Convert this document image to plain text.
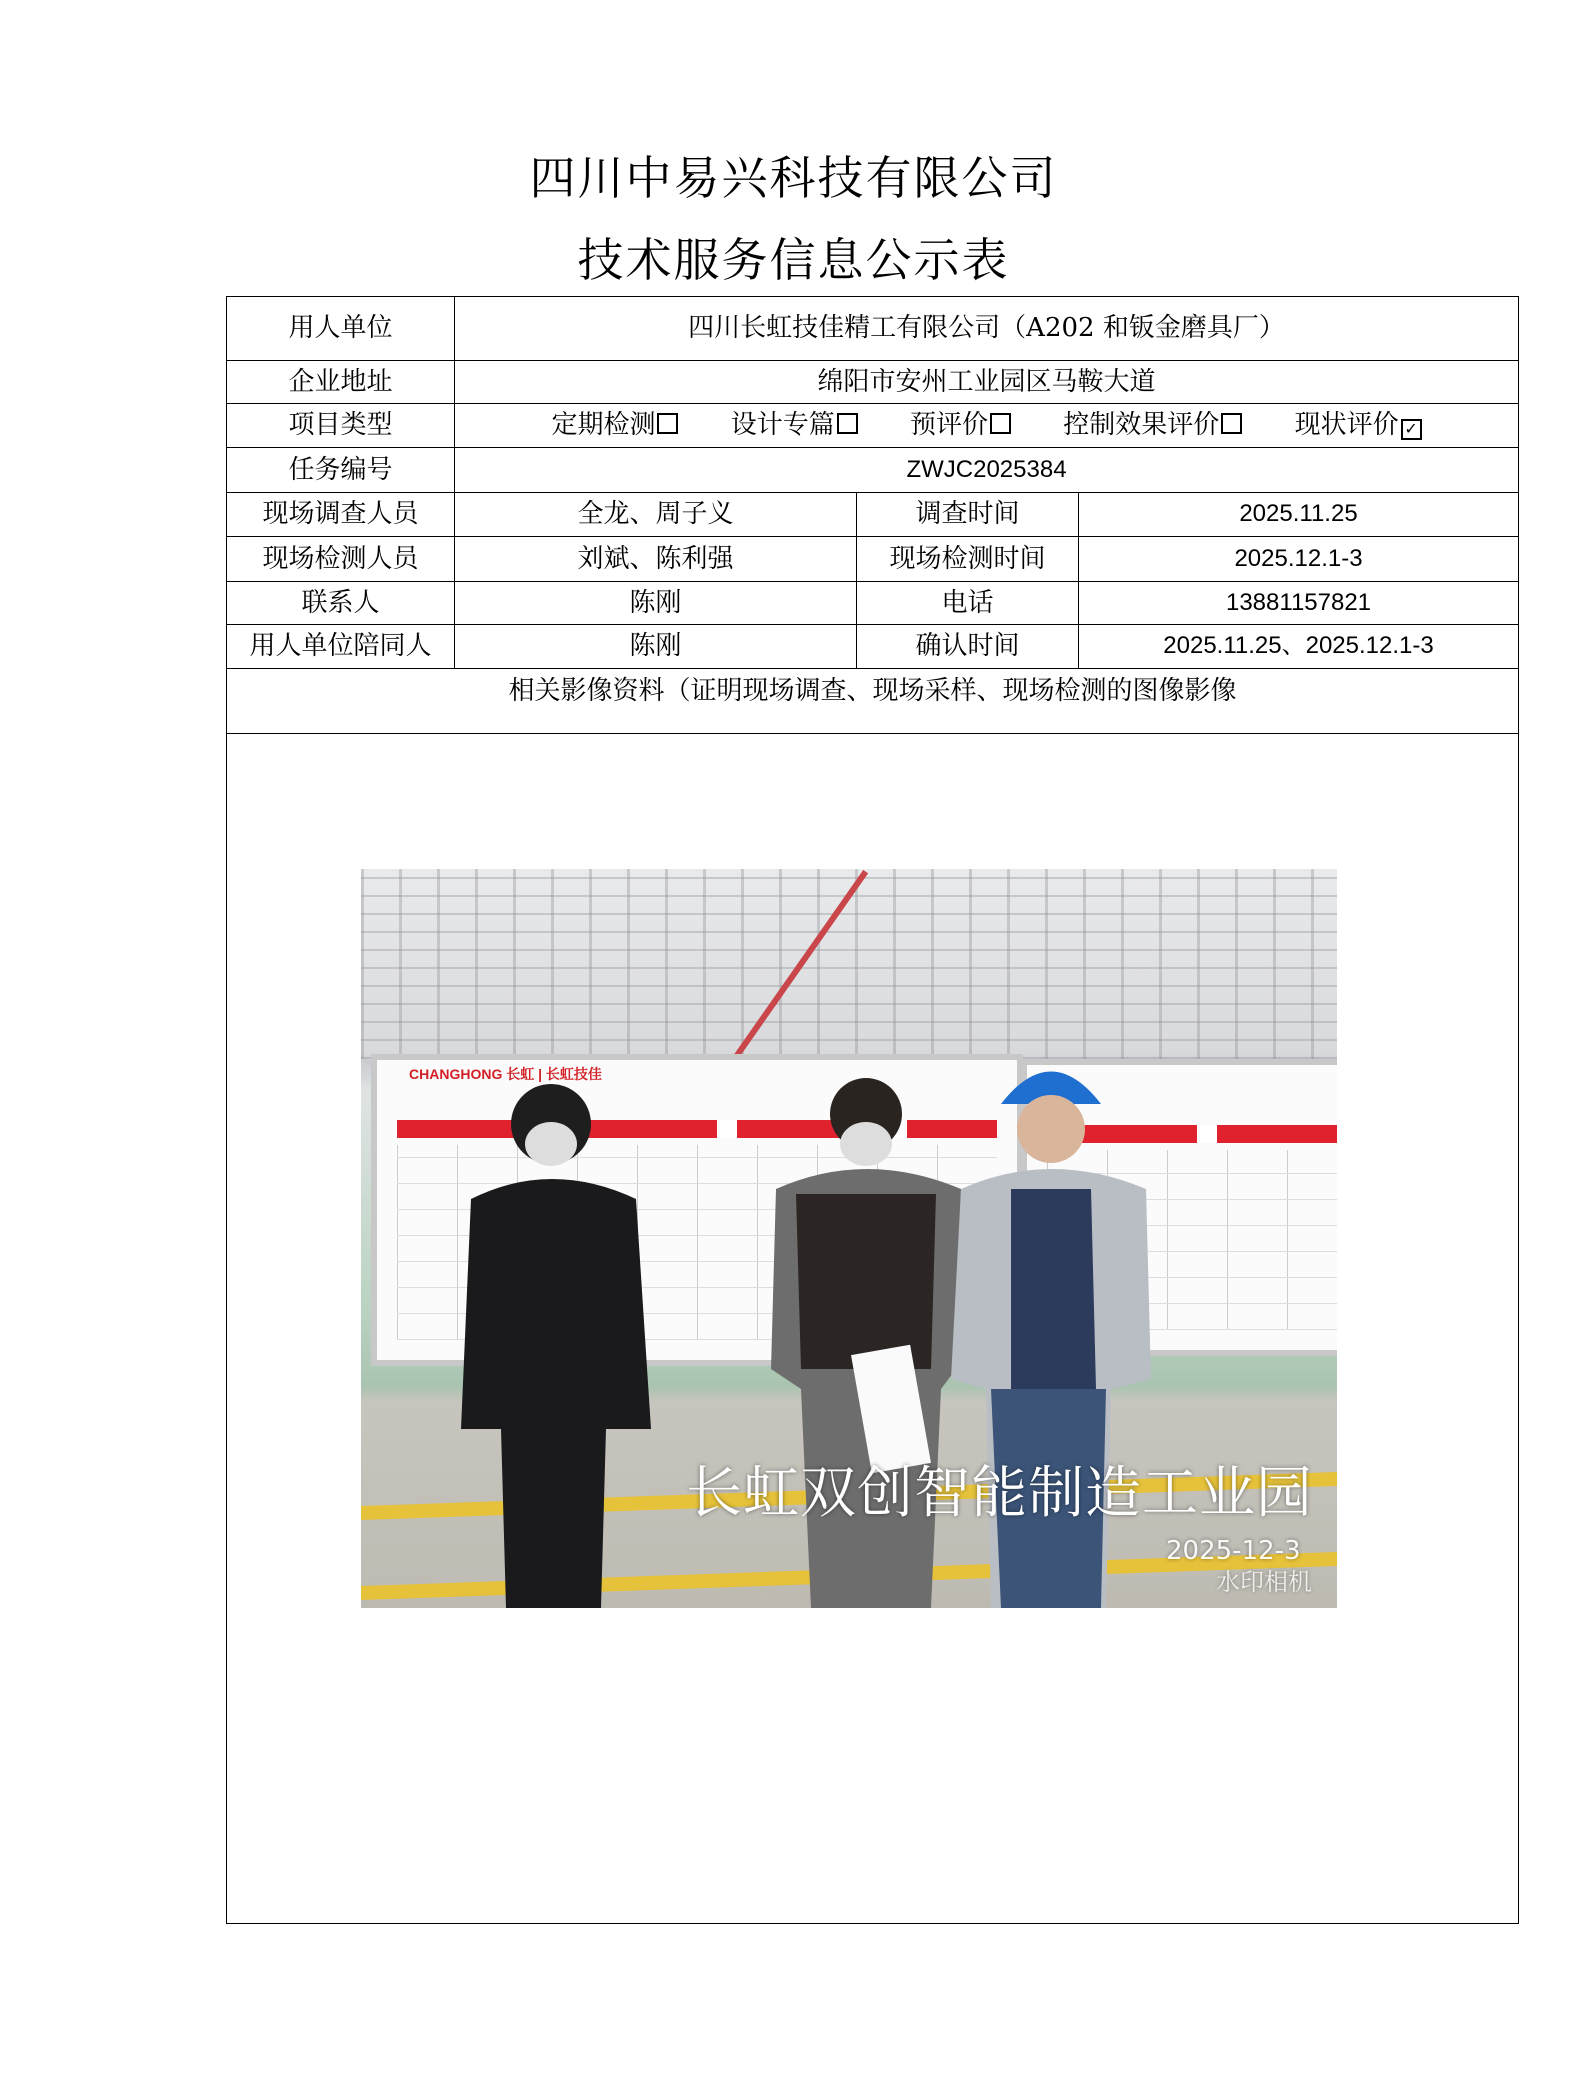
四川中易兴科技有限公司
技术服务信息公示表
用人单位	四川长虹技佳精工有限公司（A202 和钣金磨具厂）		
企业地址	绵阳市安州工业园区马鞍大道		
项目类型	定期检测 设计专篇 预评价 控制效果评价 现状评价 ✓		
任务编号	ZWJC2025384		
现场调查人员	全龙、周子义	调查时间	2025.11.25
现场检测人员	刘斌、陈利强	现场检测时间	2025.12.1-3
联系人	陈刚	电话	13881157821
用人单位陪同人	陈刚	确认时间	2025.11.25、2025.12.1-3
相关影像资料（证明现场调查、现场采样、现场检测的图像影像			

CHANGHONG 长虹 | 长虹技佳
长虹双创智能制造工业园
2025-12-3
水印相机
